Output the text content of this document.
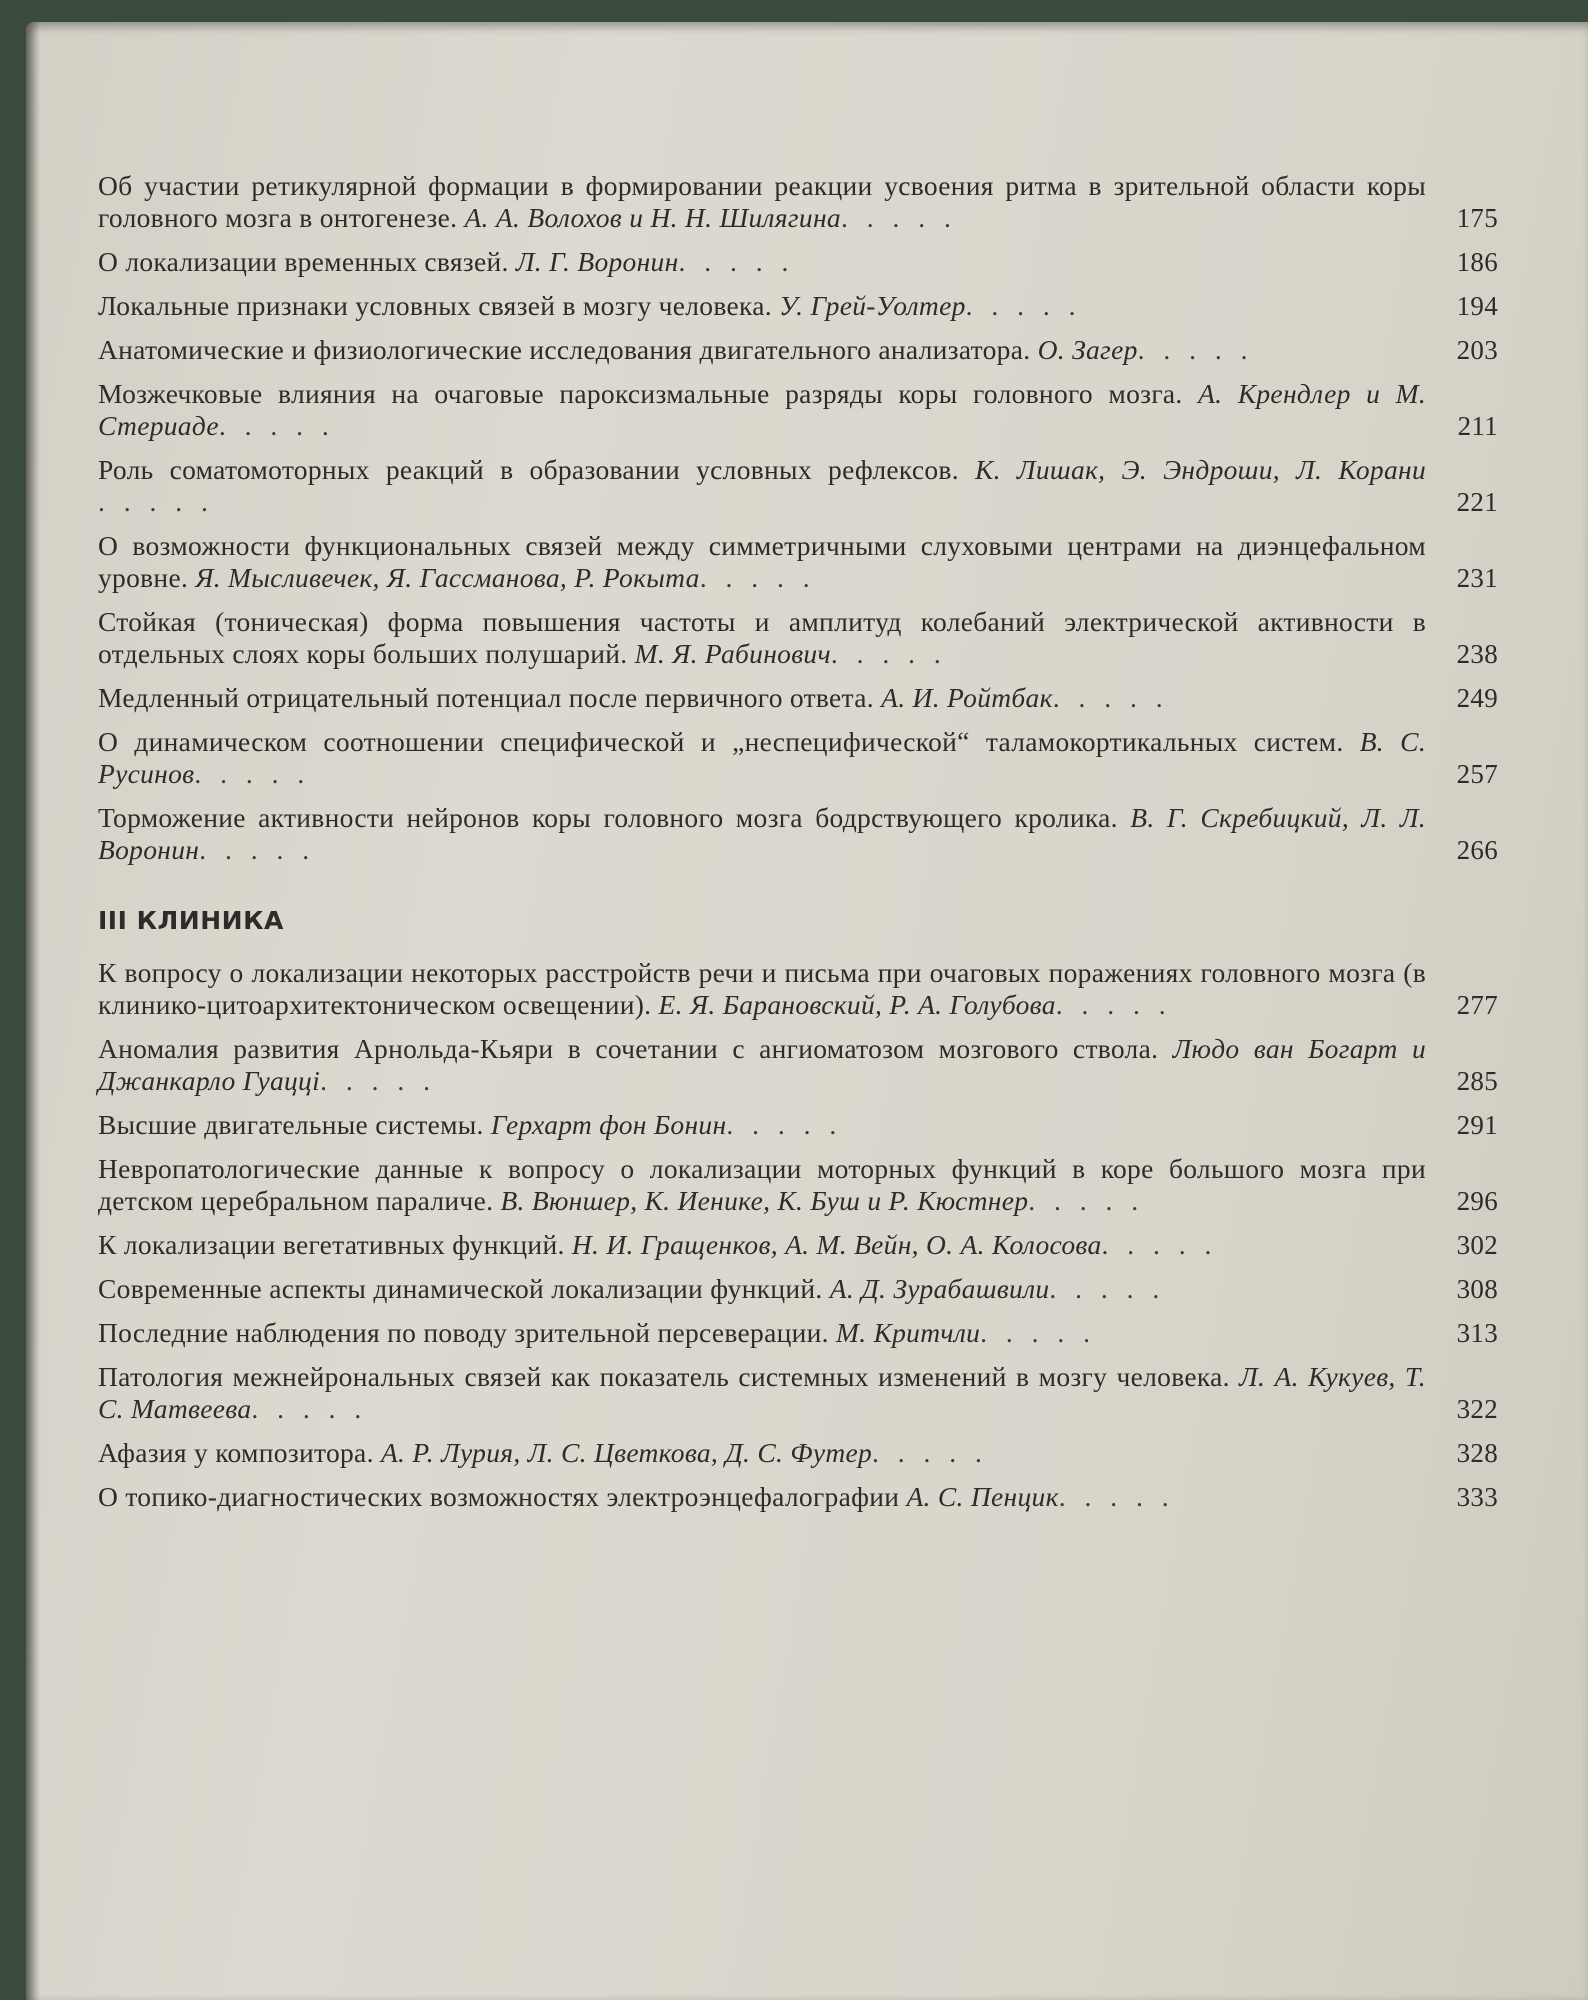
Об участии ретикулярной формации в формировании реакции усвоения ритма в зрительной области коры головного мозга в онтогенезе. А. А. Волохов и Н. Н. Шилягина. . . . .	175
О локализации временных связей. Л. Г. Воронин. . . . .	186
Локальные признаки условных связей в мозгу человека. У. Грей-Уолтер. . . . .	194
Анатомические и физиологические исследования двигательного анализатора. О. Загер. . . . .	203
Мозжечковые влияния на очаговые пароксизмальные разряды коры головного мозга. А. Крендлер и М. Стериаде. . . . .	211
Роль соматомоторных реакций в образовании условных рефлексов. К. Лишак, Э. Эндроши, Л. Корани. . . . .	221
О возможности функциональных связей между симметричными слуховыми центрами на диэнцефальном уровне. Я. Мысливечек, Я. Гассманова, Р. Рокыта. . . . .	231
Стойкая (тоническая) форма повышения частоты и амплитуд колебаний электрической активности в отдельных слоях коры больших полушарий. М. Я. Рабинович. . . . .	238
Медленный отрицательный потенциал после первичного ответа. А. И. Ройтбак. . . . .	249
О динамическом соотношении специфической и „неспецифической“ таламокортикальных систем. В. С. Русинов. . . . .	257
Торможение активности нейронов коры головного мозга бодрствующего кролика. В. Г. Скребицкий, Л. Л. Воронин. . . . .	266
III КЛИНИКА
К вопросу о локализации некоторых расстройств речи и письма при очаговых поражениях головного мозга (в клинико-цитоархитектоническом освещении). Е. Я. Барановский, Р. А. Голубова. . . . .	277
Аномалия развития Арнольда-Кьяри в сочетании с ангиоматозом мозгового ствола. Людо ван Богарт и Джанкарло Гуаццi. . . . .	285
Высшие двигательные системы. Герхарт фон Бонин. . . . .	291
Невропатологические данные к вопросу о локализации моторных функций в коре большого мозга при детском церебральном параличе. В. Вюншер, К. Иенике, К. Буш и Р. Кюстнер. . . . .	296
К локализации вегетативных функций. Н. И. Гращенков, А. М. Вейн, О. А. Колосова. . . . .	302
Современные аспекты динамической локализации функций. А. Д. Зурабашвили. . . . .	308
Последние наблюдения по поводу зрительной персеверации. М. Критчли. . . . .	313
Патология межнейрональных связей как показатель системных изменений в мозгу человека. Л. А. Кукуев, Т. С. Матвеева. . . . .	322
Афазия у композитора. А. Р. Лурия, Л. С. Цветкова, Д. С. Футер. . . . .	328
О топико-диагностических возможностях электроэнцефалографии А. С. Пенцик. . . . .	333
